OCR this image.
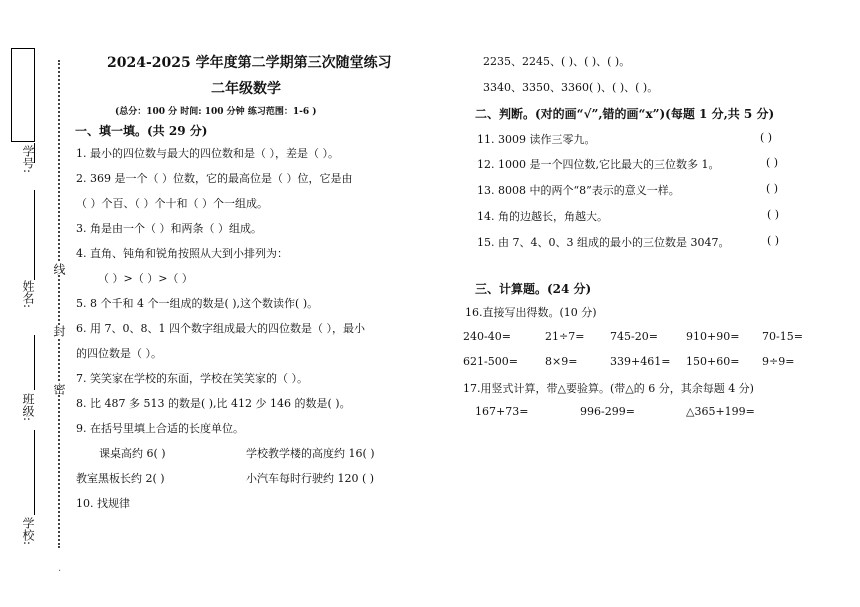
学号:
姓名:
班级:
学校:
线
封
密
2024-2025 学年度第二学期第三次随堂练习
二年级数学
(总分：100 分 时间: 100 分钟 练习范围：1-6 )
一、填一填。(共 29 分)
1. 最小的四位数与最大的四位数和是（ ），差是（ ）。
2. 369 是一个（ ）位数，它的最高位是（ ）位，它是由
（ ）个百、（ ）个十和（ ）个一组成。
3. 角是由一个（ ）和两条（ ）组成。
4. 直角、钝角和锐角按照从大到小排列为：
（ ）>（ ）>（ ）
5. 8 个千和 4 个一组成的数是( ),这个数读作( )。
6. 用 7、0、8、1 四个数字组成最大的四位数是（ ），最小
的四位数是（ ）。
7. 笑笑家在学校的东面，学校在笑笑家的（ ）。
8. 比 487 多 513 的数是( ),比 412 少 146 的数是( )。
9. 在括号里填上合适的长度单位。
课桌高约 6( )	学校教学楼的高度约 16( )
教室黑板长约 2( )	小汽车每时行驶约 120 ( )
10. 找规律
2235、2245、( )、( )、( )。
3340、3350、3360( )、( )、( )。
二、判断。(对的画“√”,错的画“x”)(每题 1 分,共 5 分)
11. 3009 读作三零九。	( )
12. 1000 是一个四位数,它比最大的三位数多 1。	( )
13. 8008 中的两个“8”表示的意义一样。	( )
14. 角的边越长，角越大。	( )
15. 由 7、4、0、3 组成的最小的三位数是 3047。	( )
三、计算题。(24 分)
16.直接写出得数。(10 分)
240-40=	21÷7= 745-20=	910+90= 70-15=
621-500= 8×9=	339+461= 150+60= 9÷9=
17.用竖式计算，带△要验算。(带△的 6 分，其余每题 4 分)
167+73=	996-299=	△365+199=
·
